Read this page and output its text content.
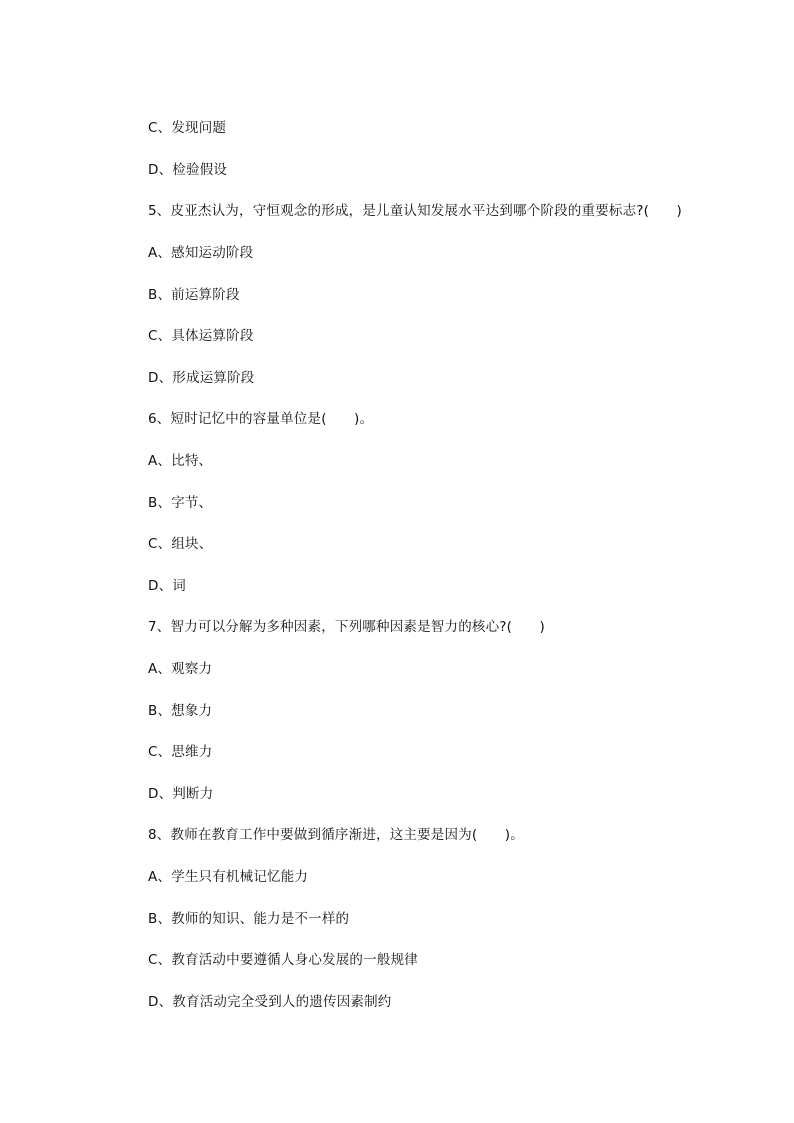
C、发现问题
D、检验假设
5、皮亚杰认为，守恒观念的形成，是儿童认知发展水平达到哪个阶段的重要标志?(　　)
A、感知运动阶段
B、前运算阶段
C、具体运算阶段
D、形成运算阶段
6、短时记忆中的容量单位是(　　)。
A、比特、
B、字节、
C、组块、
D、词
7、智力可以分解为多种因素，下列哪种因素是智力的核心?(　　)
A、观察力
B、想象力
C、思维力
D、判断力
8、教师在教育工作中要做到循序渐进，这主要是因为(　　)。
A、学生只有机械记忆能力
B、教师的知识、能力是不一样的
C、教育活动中要遵循人身心发展的一般规律
D、教育活动完全受到人的遗传因素制约
